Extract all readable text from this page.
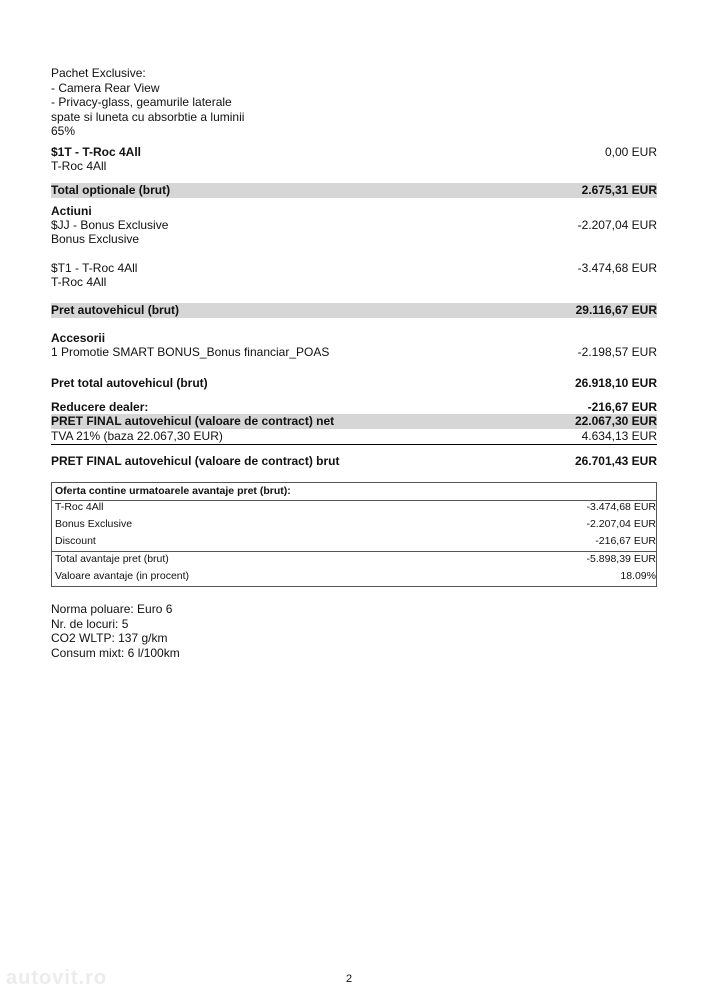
Pachet Exclusive:
- Camera Rear View
- Privacy-glass, geamurile laterale
spate si luneta cu absorbtie a luminii
65%
$1T - T-Roc 4All	0,00 EUR
T-Roc 4All
Total optionale (brut)	2.675,31 EUR
Actiuni
$JJ - Bonus Exclusive	-2.207,04 EUR
Bonus Exclusive
$T1 - T-Roc 4All	-3.474,68 EUR
T-Roc 4All
Pret autovehicul (brut)	29.116,67 EUR
Accesorii
1 Promotie SMART BONUS_Bonus financiar_POAS	-2.198,57 EUR
Pret total autovehicul (brut)	26.918,10 EUR
Reducere dealer:	-216,67 EUR
PRET FINAL autovehicul (valoare de contract) net	22.067,30 EUR
TVA 21% (baza 22.067,30 EUR)	4.634,13 EUR
PRET FINAL autovehicul (valoare de contract) brut	26.701,43 EUR
Oferta contine urmatoarele avantaje pret (brut):
T-Roc 4All	-3.474,68 EUR
Bonus Exclusive	-2.207,04 EUR
Discount	-216,67 EUR
Total avantaje pret (brut)	-5.898,39 EUR
Valoare avantaje (in procent)	18.09%
Norma poluare: Euro 6
Nr. de locuri: 5
CO2 WLTP: 137 g/km
Consum mixt: 6 l/100km
autovit.ro	2
